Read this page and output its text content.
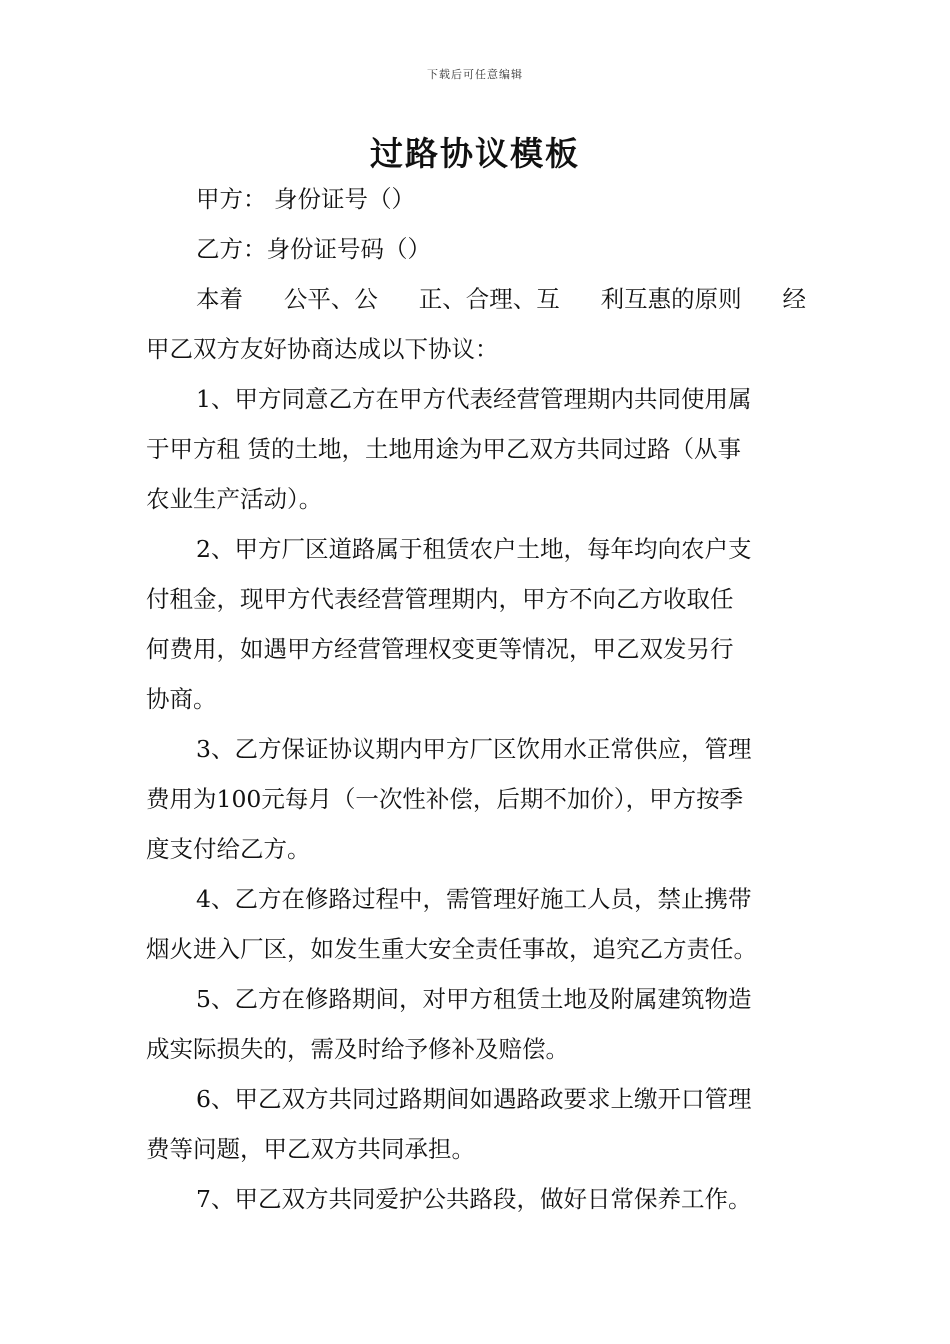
下载后可任意编辑
过路协议模板
甲方： 身份证号（）
乙方：身份证号码（）
本着 公平、公 正、合理、互 利互惠的原则 经
甲乙双方友好协商达成以下协议：
1、甲方同意乙方在甲方代表经营管理期内共同使用属
于甲方租 赁的土地，土地用途为甲乙双方共同过路（从事
农业生产活动）。
2、甲方厂区道路属于租赁农户土地，每年均向农户支
付租金，现甲方代表经营管理期内，甲方不向乙方收取任
何费用，如遇甲方经营管理权变更等情况，甲乙双发另行
协商。
3、乙方保证协议期内甲方厂区饮用水正常供应，管理
费用为100元每月（一次性补偿，后期不加价），甲方按季
度支付给乙方。
4、乙方在修路过程中，需管理好施工人员，禁止携带
烟火进入厂区，如发生重大安全责任事故，追究乙方责任。
5、乙方在修路期间，对甲方租赁土地及附属建筑物造
成实际损失的，需及时给予修补及赔偿。
6、甲乙双方共同过路期间如遇路政要求上缴开口管理
费等问题，甲乙双方共同承担。
7、甲乙双方共同爱护公共路段，做好日常保养工作。
